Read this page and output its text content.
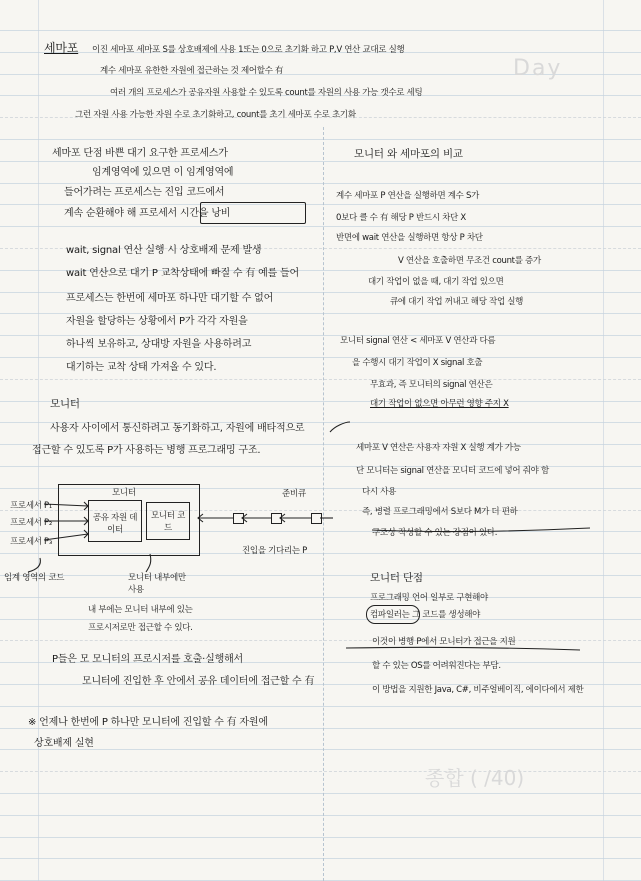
Day
종합 ( /40)
세마포 이진 세마포 세마포 S를 상호배제에 사용 1또는 0으로 초기화 하고 P,V 연산 교대로 실행
계수 세마포 유한한 자원에 접근하는 것 제어할수 有
여러 개의 프로세스가 공유자원 사용할 수 있도록 count를 자원의 사용 가능 갯수로 세팅
그런 자원 사용 가능한 자원 수로 초기화하고, count를 초기 세마포 수로 초기화
세마포 단점 바쁜 대기 요구한 프로세스가
임계영역에 있으면 이 임계영역에
들어가려는 프로세스는 진입 코드에서
계속 순환해야 해 프로세서 시간을 낭비
wait, signal 연산 실행 시 상호배제 문제 발생
wait 연산으로 대기 P 교착상태에 빠질 수 有 예를 들어
프로세스는 한번에 세마포 하나만 대기할 수 없어
자원을 할당하는 상황에서 P가 각각 자원을
하나씩 보유하고, 상대방 자원을 사용하려고
대기하는 교착 상태 가져올 수 있다.
모니터
사용자 사이에서 통신하려고 동기화하고, 자원에 배타적으로
접근할 수 있도록 P가 사용하는 병행 프로그래밍 구조.
프로세서 P₁
프로세서 P₂
프로세서 P₃
모니터
공유 자원 데이터
모니터 코드
준비큐
진입을 기다리는 P
임계 영역의 코드	모니터 내부에만 사용
내 부에는 모니터 내부에 있는
프로시저로만 접근할 수 있다.
P들은 모 모니터의 프로시저를 호출·실행해서
모니터에 진입한 후 안에서 공유 데이터에 접근할 수 有
※ 언제나 한번에 P 하나만 모니터에 진입할 수 有 자원에
상호배제 실현
모니터 와 세마포의 비교
계수 세마포 P 연산을 실행하면 계수 S가
0보다 클 수 有 해당 P 반드시 차단 X
반면에 wait 연산을 실행하면 항상 P 차단
V 연산을 호출하면 무조건 count를 증가
대기 작업이 없을 때, 대기 작업 있으면
큐에 대기 작업 꺼내고 해당 작업 실행
모니터 signal 연산 < 세마포 V 연산과 다름
을 수행시 대기 작업이 X signal 호출
무효과, 즉 모니터의 signal 연산은
대기 작업이 없으면 아무런 영향 주지 X
세마포 V 연산은 사용자 자원 X 실행 계가 가능
단 모니터는 signal 연산을 모니터 코드에 넣어 줘야 함
다시 사용
즉, 병렬 프로그래밍에서 S보다 M가 더 편하
구조상 작성할 수 있는 장점이 있다.
모니터 단점
프로그래밍 언어 일부로 구현해야
컴파일러는 그 코드를 생성해야
이것이 병행 P에서 모니터가 접근을 지원
할 수 있는 OS를 어려워진다는 부담.
이 방법을 지원한 Java, C#, 비주얼베이직, 에이다에서 제한
